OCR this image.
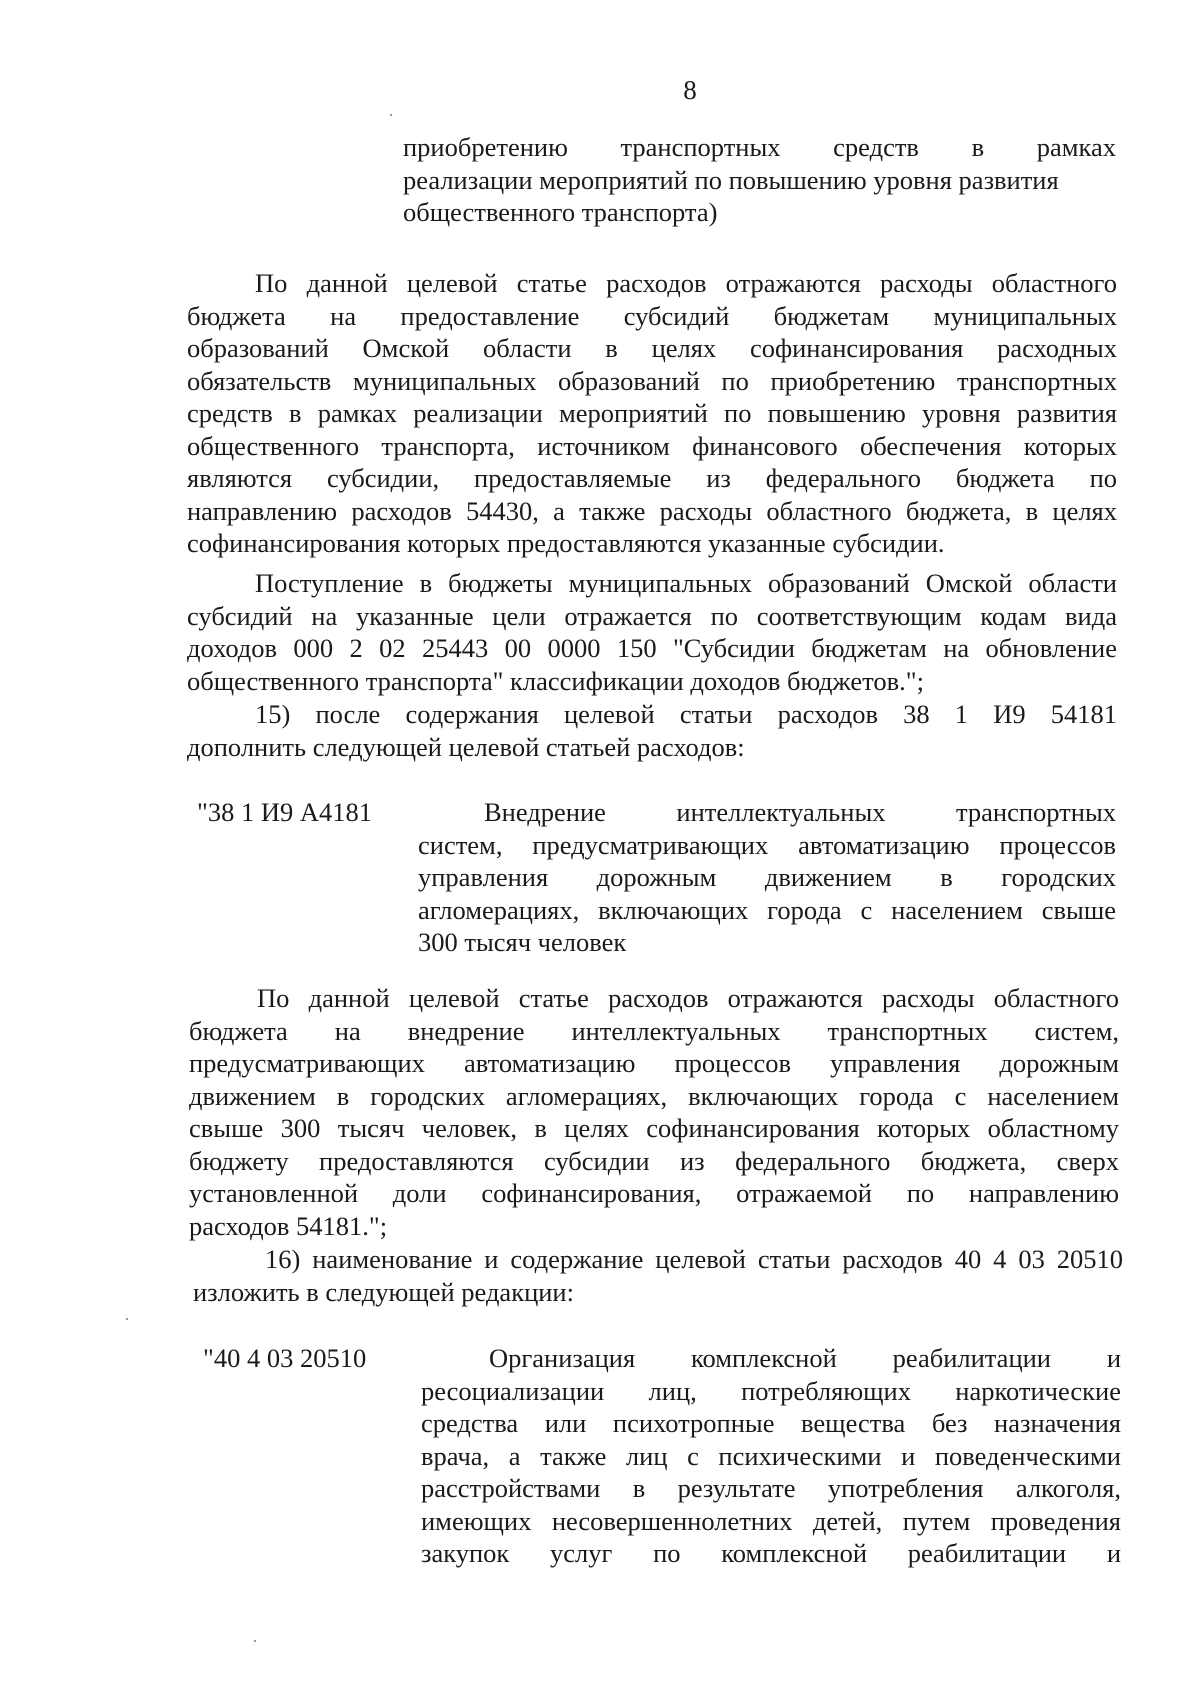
8
приобретению транспортных средств в рамках
реализации мероприятий по повышению уровня развития
общественного транспорта)
По данной целевой статье расходов отражаются расходы областного
бюджета на предоставление субсидий бюджетам муниципальных
образований Омской области в целях софинансирования расходных
обязательств муниципальных образований по приобретению транспортных
средств в рамках реализации мероприятий по повышению уровня развития
общественного транспорта, источником финансового обеспечения которых
являются субсидии, предоставляемые из федерального бюджета по
направлению расходов 54430, а также расходы областного бюджета, в целях
софинансирования которых предоставляются указанные субсидии.
Поступление в бюджеты муниципальных образований Омской области
субсидий на указанные цели отражается по соответствующим кодам вида
доходов 000 2 02 25443 00 0000 150 "Субсидии бюджетам на обновление
общественного транспорта" классификации доходов бюджетов.";
15) после содержания целевой статьи расходов 38 1 И9 54181
дополнить следующей целевой статьей расходов:
"38 1 И9 А4181	Внедрение интеллектуальных транспортных
систем, предусматривающих автоматизацию процессов
управления дорожным движением в городских
агломерациях, включающих города с населением свыше
300 тысяч человек
По данной целевой статье расходов отражаются расходы областного
бюджета на внедрение интеллектуальных транспортных систем,
предусматривающих автоматизацию процессов управления дорожным
движением в городских агломерациях, включающих города с населением
свыше 300 тысяч человек, в целях софинансирования которых областному
бюджету предоставляются субсидии из федерального бюджета, сверх
установленной доли софинансирования, отражаемой по направлению
расходов 54181.";
16) наименование и содержание целевой статьи расходов 40 4 03 20510
изложить в следующей редакции:
"40 4 03 20510	Организация комплексной реабилитации и
ресоциализации лиц, потребляющих наркотические
средства или психотропные вещества без назначения
врача, а также лиц с психическими и поведенческими
расстройствами в результате употребления алкоголя,
имеющих несовершеннолетних детей, путем проведения
закупок услуг по комплексной реабилитации и
